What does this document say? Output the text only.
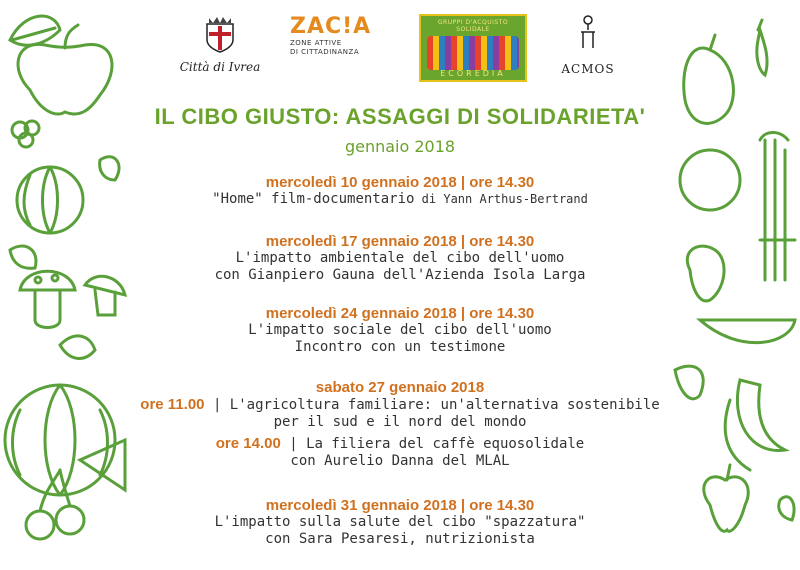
Città di Ivrea
ZAC!A
ZONE ATTIVE
DI CITTADINANZA
GRUPPI D'ACQUISTO SOLIDALE
ECOREDIA	ACMOS
IL CIBO GIUSTO: ASSAGGI DI SOLIDARIETA'
gennaio 2018
mercoledì 10 gennaio 2018 | ore 14.30
"Home" film-documentario di Yann Arthus-Bertrand
mercoledì 17 gennaio 2018 | ore 14.30
L'impatto ambientale del cibo dell'uomo
con Gianpiero Gauna dell'Azienda Isola Larga
mercoledì 24 gennaio 2018 | ore 14.30
L'impatto sociale del cibo dell'uomo
Incontro con un testimone
sabato 27 gennaio 2018
ore 11.00 | L'agricoltura familiare: un'alternativa sostenibile
per il sud e il nord del mondo
ore 14.00 | La filiera del caffè equosolidale
con Aurelio Danna del MLAL
mercoledì 31 gennaio 2018 | ore 14.30
L'impatto sulla salute del cibo "spazzatura"
con Sara Pesaresi, nutrizionista
